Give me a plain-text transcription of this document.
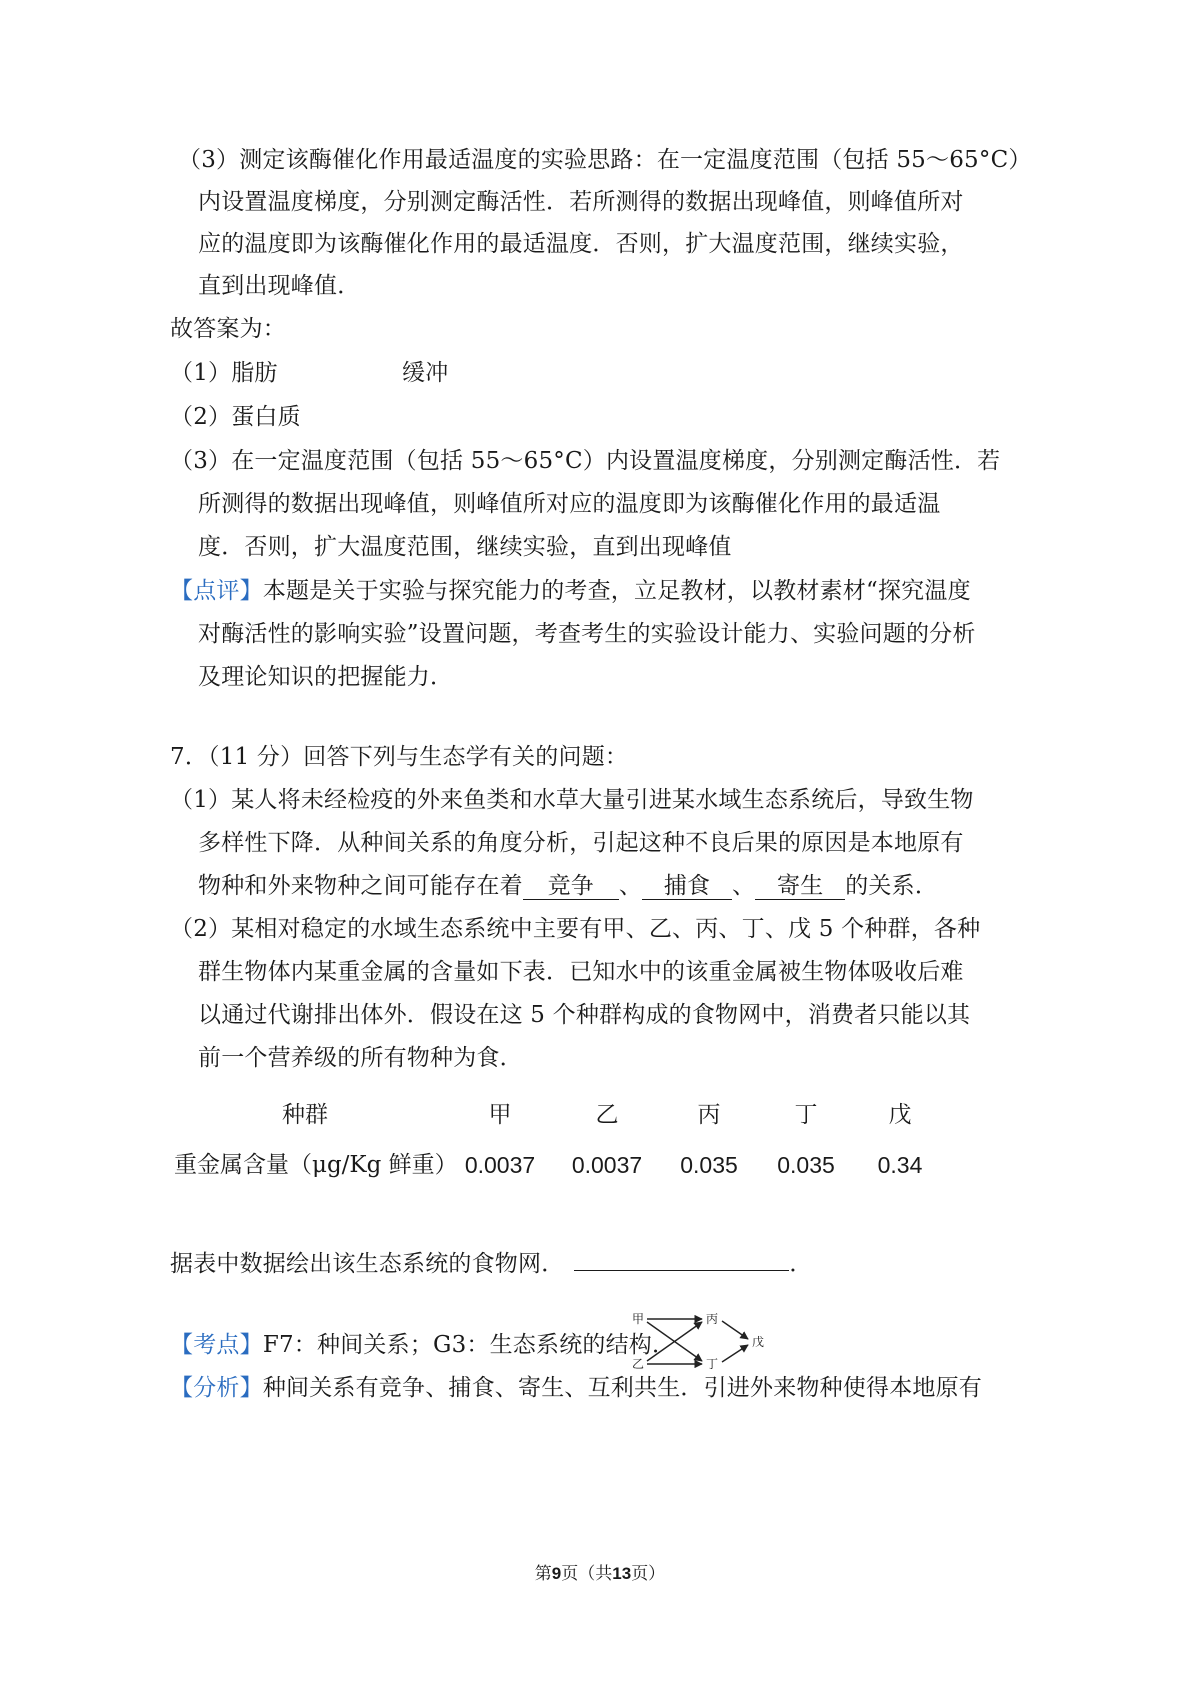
（3）测定该酶催化作用最适温度的实验思路：在一定温度范围（包括 55～65°C）
内设置温度梯度，分别测定酶活性．若所测得的数据出现峰值，则峰值所对
应的温度即为该酶催化作用的最适温度．否则，扩大温度范围，继续实验，
直到出现峰值．
故答案为：
（1）脂肪	缓冲
（2）蛋白质
（3）在一定温度范围（包括 55～65°C）内设置温度梯度，分别测定酶活性．若
所测得的数据出现峰值，则峰值所对应的温度即为该酶催化作用的最适温
度．否则，扩大温度范围，继续实验，直到出现峰值
【点评】本题是关于实验与探究能力的考查，立足教材，以教材素材“探究温度
对酶活性的影响实验”设置问题，考查考生的实验设计能力、实验问题的分析
及理论知识的把握能力．
7．（11 分）回答下列与生态学有关的问题：
（1）某人将未经检疫的外来鱼类和水草大量引进某水域生态系统后，导致生物
多样性下降．从种间关系的角度分析，引起这种不良后果的原因是本地原有
物种和外来物种之间可能存在着 竞争 、 捕食 、 寄生 的关系．
（2）某相对稳定的水域生态系统中主要有甲、乙、丙、丁、戊 5 个种群，各种
群生物体内某重金属的含量如下表．已知水中的该重金属被生物体吸收后难
以通过代谢排出体外．假设在这 5 个种群构成的食物网中，消费者只能以其
前一个营养级的所有物种为食．
种群	甲	乙	丙	丁	戊
重金属含量（μg/Kg 鲜重） 0.0037	0.0037	0.035	0.035	0.34
甲
乙
丙
丁
戊
据表中数据绘出该生态系统的食物网．	．
【考点】F7：种间关系；G3：生态系统的结构．
【分析】种间关系有竞争、捕食、寄生、互利共生．引进外来物种使得本地原有
第9页（共13页）
